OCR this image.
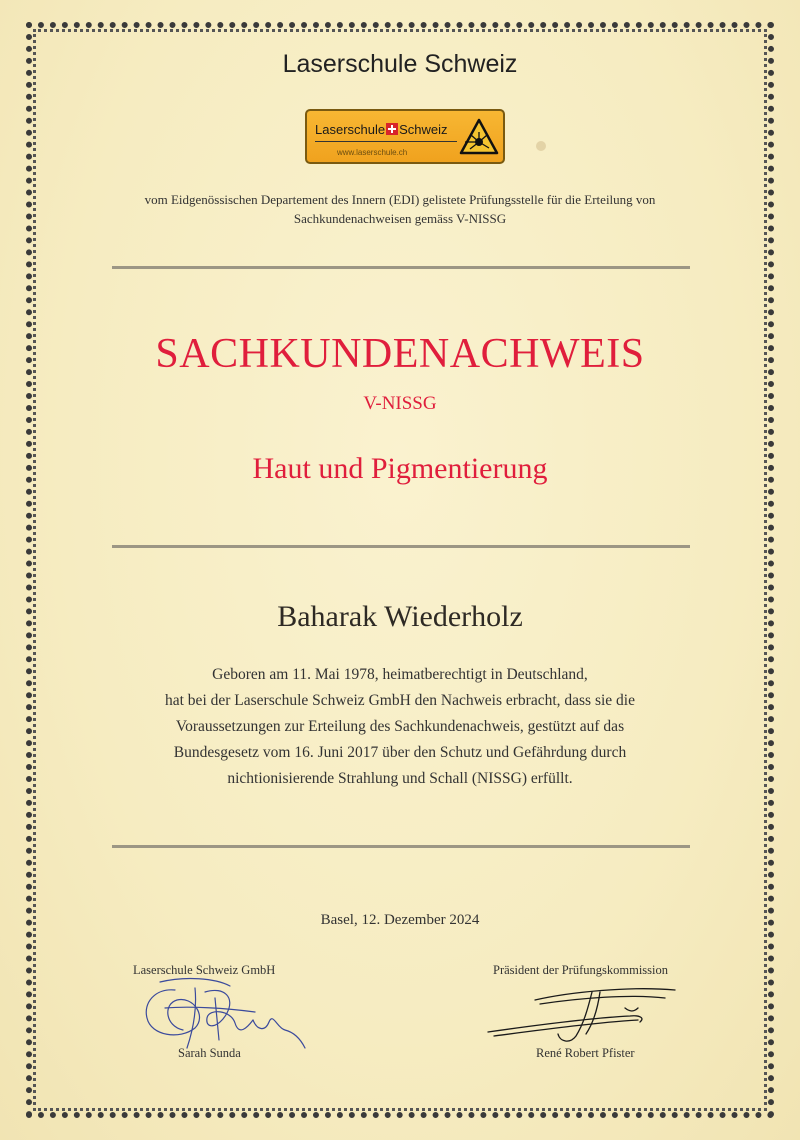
Laserschule Schweiz
Laserschule Schweiz
www.laserschule.ch
vom Eidgenössischen Departement des Innern (EDI) gelistete Prüfungsstelle für die Erteilung von
Sachkundenachweisen gemäss V-NISSG
SACHKUNDENACHWEIS
V-NISSG
Haut und Pigmentierung
Baharak Wiederholz
Geboren am 11. Mai 1978, heimatberechtigt in Deutschland,
hat bei der Laserschule Schweiz GmbH den Nachweis erbracht, dass sie die
Voraussetzungen zur Erteilung des Sachkundenachweis, gestützt auf das
Bundesgesetz vom 16. Juni 2017 über den Schutz und Gefährdung durch
nichtionisierende Strahlung und Schall (NISSG) erfüllt.
Basel, 12. Dezember 2024
Laserschule Schweiz GmbH	Präsident der Prüfungskommission
Sarah Sunda	René Robert Pfister
